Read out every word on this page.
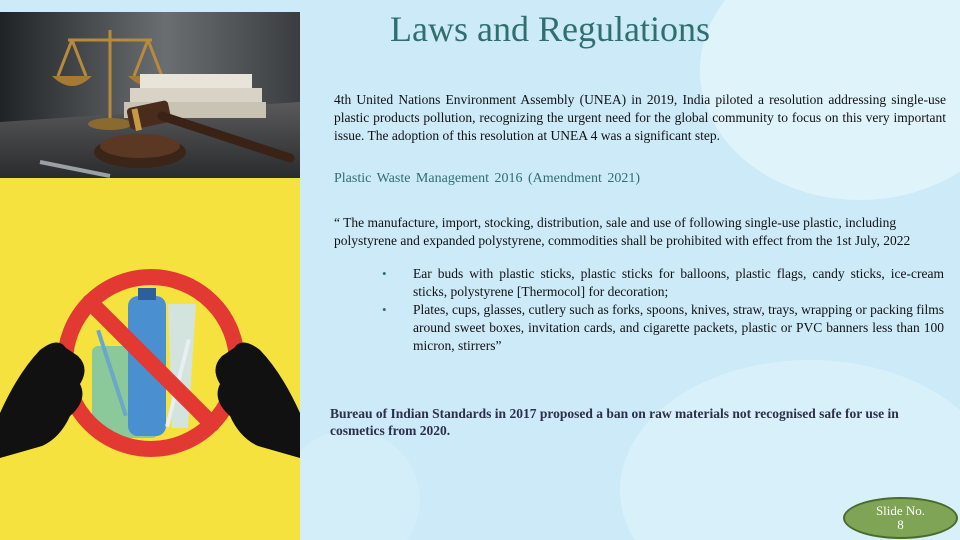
Laws and Regulations

4th United Nations Environment Assembly (UNEA) in 2019, India piloted a resolution addressing single-use plastic products pollution, recognizing the urgent need for the global community to focus on this very important issue. The adoption of this resolution at UNEA 4 was a significant step.

Plastic Waste Management 2016 (Amendment 2021)

“ The manufacture, import, stocking, distribution, sale and use of following single-use plastic, including polystyrene and expanded polystyrene, commodities shall be prohibited with effect from the 1st July, 2022

• Ear buds with plastic sticks, plastic sticks for balloons, plastic flags, candy sticks, ice-cream sticks, polystyrene [Thermocol] for decoration;
• Plates, cups, glasses, cutlery such as forks, spoons, knives, straw, trays, wrapping or packing films around sweet boxes, invitation cards, and cigarette packets, plastic or PVC banners less than 100 micron, stirrers”

Bureau of Indian Standards in 2017 proposed a ban on raw materials not recognised safe for use in cosmetics from 2020.

Slide No.
8
